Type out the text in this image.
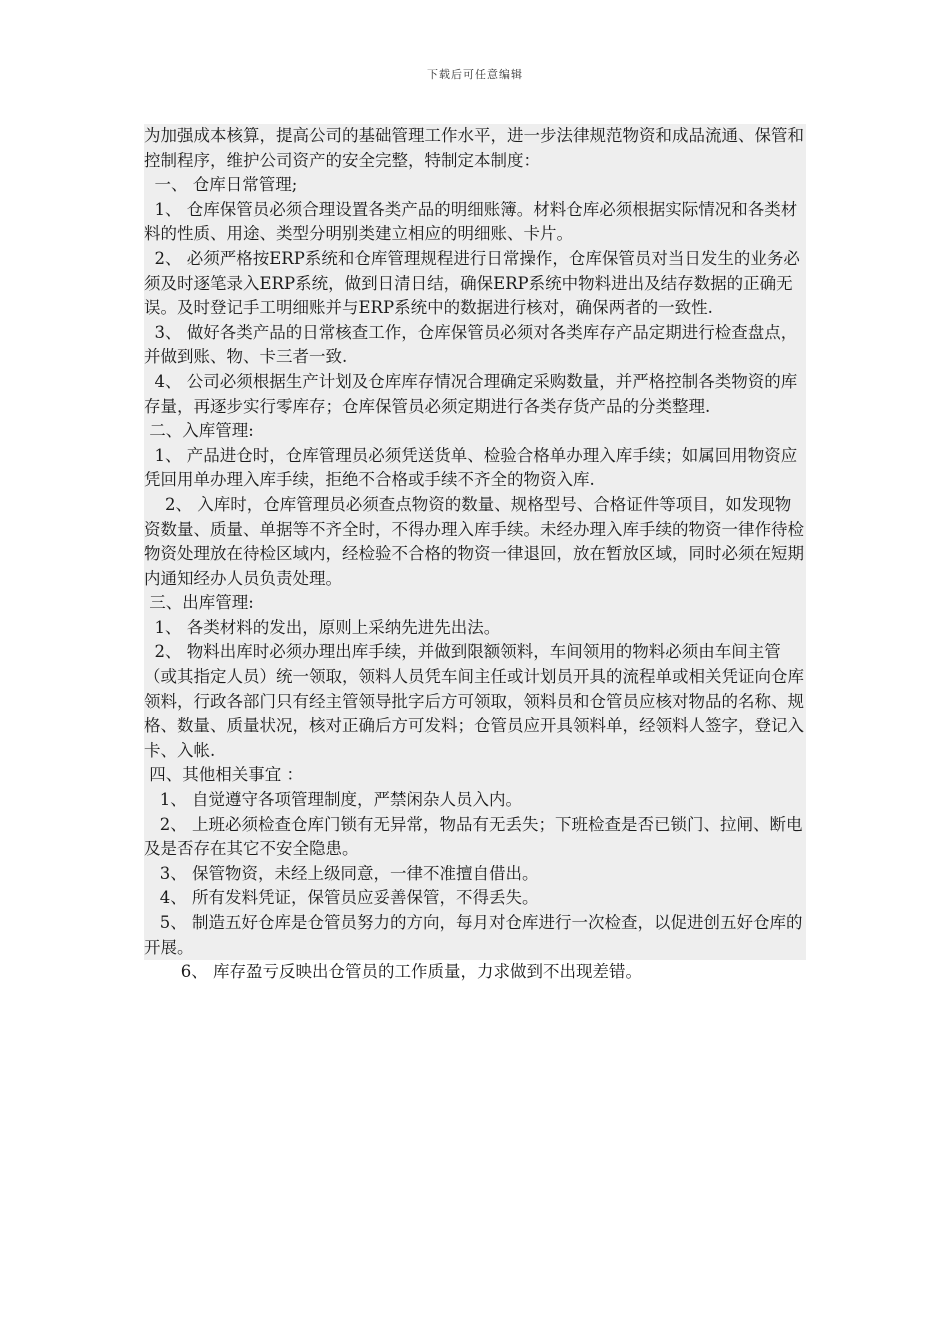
下载后可任意编辑

为加强成本核算，提高公司的基础管理工作水平，进一步法律规范物资和成品流通、保管和控制程序，维护公司资产的安全完整，特制定本制度：

一、 仓库日常管理;

1、 仓库保管员必须合理设置各类产品的明细账簿。材料仓库必须根据实际情况和各类材料的性质、用途、类型分明别类建立相应的明细账、卡片。

2、 必须严格按ERP系统和仓库管理规程进行日常操作，仓库保管员对当日发生的业务必须及时逐笔录入ERP系统，做到日清日结，确保ERP系统中物料进出及结存数据的正确无误。及时登记手工明细账并与ERP系统中的数据进行核对，确保两者的一致性.

3、 做好各类产品的日常核查工作，仓库保管员必须对各类库存产品定期进行检查盘点，并做到账、物、卡三者一致.

4、 公司必须根据生产计划及仓库库存情况合理确定采购数量，并严格控制各类物资的库存量，再逐步实行零库存；仓库保管员必须定期进行各类存货产品的分类整理.

二、入库管理:

1、 产品进仓时，仓库管理员必须凭送货单、检验合格单办理入库手续；如属回用物资应凭回用单办理入库手续，拒绝不合格或手续不齐全的物资入库.

2、 入库时，仓库管理员必须查点物资的数量、规格型号、合格证件等项目，如发现物资数量、质量、单据等不齐全时，不得办理入库手续。未经办理入库手续的物资一律作待检物资处理放在待检区域内，经检验不合格的物资一律退回，放在暂放区域，同时必须在短期内通知经办人员负责处理。

三、出库管理:

1、 各类材料的发出，原则上采纳先进先出法。

2、 物料出库时必须办理出库手续，并做到限额领料，车间领用的物料必须由车间主管（或其指定人员）统一领取，领料人员凭车间主任或计划员开具的流程单或相关凭证向仓库领料，行政各部门只有经主管领导批字后方可领取，领料员和仓管员应核对物品的名称、规格、数量、质量状况，核对正确后方可发料；仓管员应开具领料单，经领料人签字，登记入卡、入帐.

四、其他相关事宜 ：

1、 自觉遵守各项管理制度，严禁闲杂人员入内。

2、 上班必须检查仓库门锁有无异常，物品有无丢失；下班检查是否已锁门、拉闸、断电及是否存在其它不安全隐患。

3、 保管物资，未经上级同意，一律不准擅自借出。

4、 所有发料凭证，保管员应妥善保管，不得丢失。

5、 制造五好仓库是仓管员努力的方向，每月对仓库进行一次检查，以促进创五好仓库的开展。

6、 库存盈亏反映出仓管员的工作质量，力求做到不出现差错。
